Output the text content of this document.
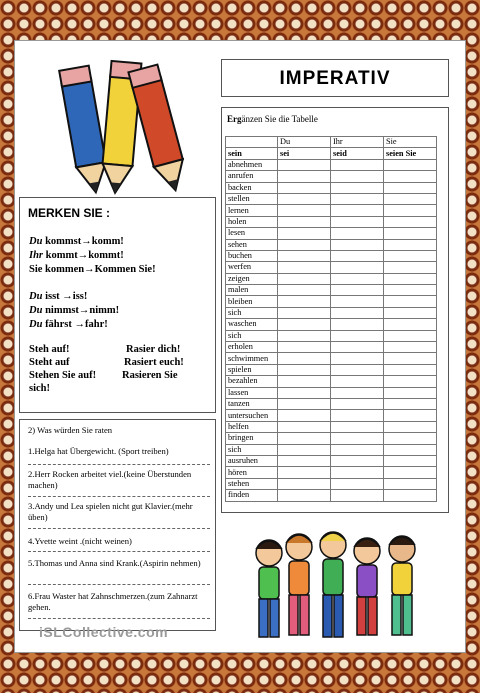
IMPERATIV
Ergänzen Sie die Tabelle
	Du	Ihr	Sie
sein	sei	seid	seien Sie
abnehmen			
anrufen			
backen			
stellen			
lernen			
holen			
lesen			
sehen			
buchen			
werfen			
zeigen			
malen			
bleiben			
sich			
waschen			
sich			
erholen			
schwimmen			
spielen			
bezahlen			
lassen			
tanzen			
untersuchen			
helfen			
bringen			
sich			
ausruhen			
hören			
stehen			
finden			
MERKEN SIE :
Du kommst→komm!
Ihr kommt→kommt!
Sie kommen→Kommen Sie!
Du isst →iss!
Du nimmst→nimm!
Du fährst →fahr!
Steh auf!	Rasier dich!
Steht auf	Rasiert euch!
Stehen Sie auf! Rasieren Sie
sich!
2) Was würden Sie raten
1.Helga hat Übergewicht. (Sport treiben)
2.Herr Rocken arbeitet viel.(keine Überstunden machen)
3.Andy und Lea spielen nicht gut Klavier.(mehr üben)
4.Yvette weint .(nicht weinen)
5.Thomas und Anna sind Krank.(Aspirin nehmen)
6.Frau Waster hat Zahnschmerzen.(zum Zahnarzt gehen.
iSLCollective.com
